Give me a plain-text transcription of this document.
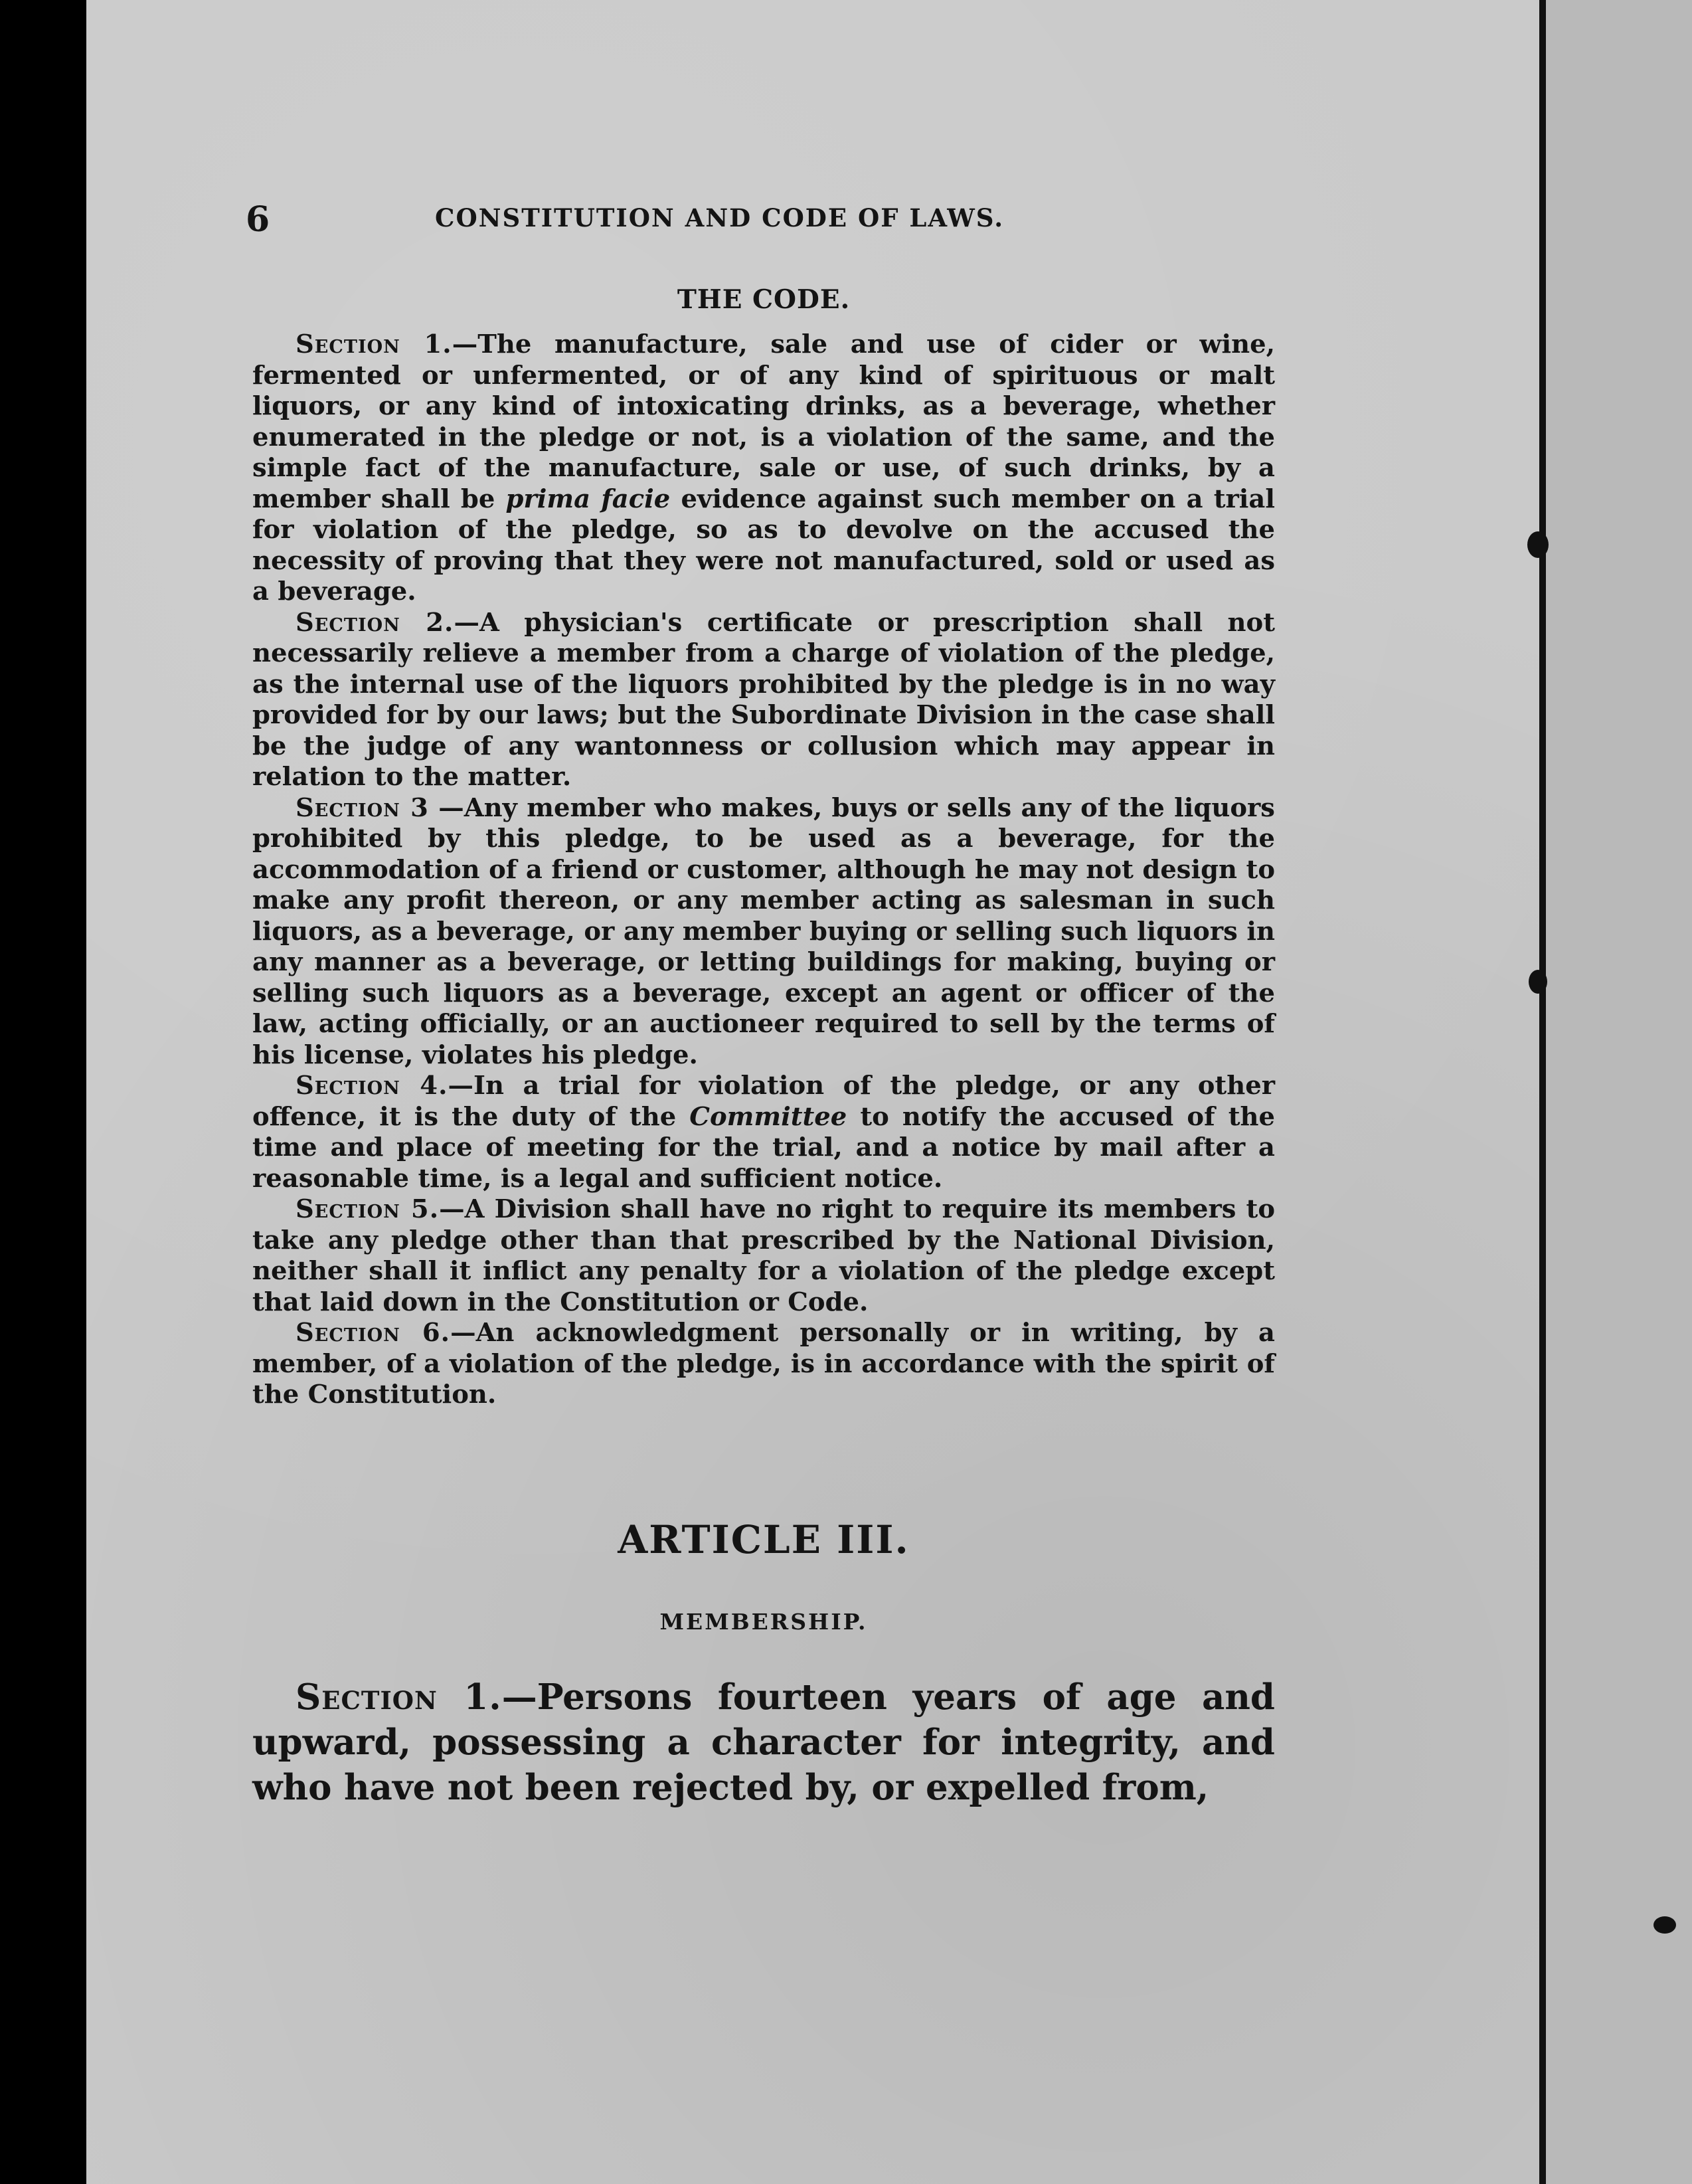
6	CONSTITUTION AND CODE OF LAWS.
THE CODE.

Section 1.—The manufacture, sale and use of cider or wine, fermented or unfermented, or of any kind of spirituous or malt liquors, or any kind of intoxicating drinks, as a beverage, whether enumerated in the pledge or not, is a violation of the same, and the simple fact of the manufacture, sale or use, of such drinks, by a member shall be prima facie evidence against such member on a trial for violation of the pledge, so as to devolve on the accused the necessity of proving that they were not manufactured, sold or used as a beverage.

Section 2.—A physician's certificate or prescription shall not necessarily relieve a member from a charge of violation of the pledge, as the internal use of the liquors prohibited by the pledge is in no way provided for by our laws; but the Subordinate Division in the case shall be the judge of any wantonness or collusion which may appear in relation to the matter.

Section 3 —Any member who makes, buys or sells any of the liquors prohibited by this pledge, to be used as a beverage, for the accommodation of a friend or customer, although he may not design to make any profit thereon, or any member acting as salesman in such liquors, as a beverage, or any member buying or selling such liquors in any manner as a beverage, or letting buildings for making, buying or selling such liquors as a beverage, except an agent or officer of the law, acting officially, or an auctioneer required to sell by the terms of his license, violates his pledge.

Section 4.—In a trial for violation of the pledge, or any other offence, it is the duty of the Committee to notify the accused of the time and place of meeting for the trial, and a notice by mail after a reasonable time, is a legal and sufficient notice.

Section 5.—A Division shall have no right to require its members to take any pledge other than that prescribed by the National Division, neither shall it inflict any penalty for a violation of the pledge except that laid down in the Constitution or Code.

Section 6.—An acknowledgment personally or in writing, by a member, of a violation of the pledge, is in accordance with the spirit of the Constitution.

ARTICLE III.
MEMBERSHIP.

Section 1.—Persons fourteen years of age and upward, possessing a character for integrity, and who have not been rejected by, or expelled from,
